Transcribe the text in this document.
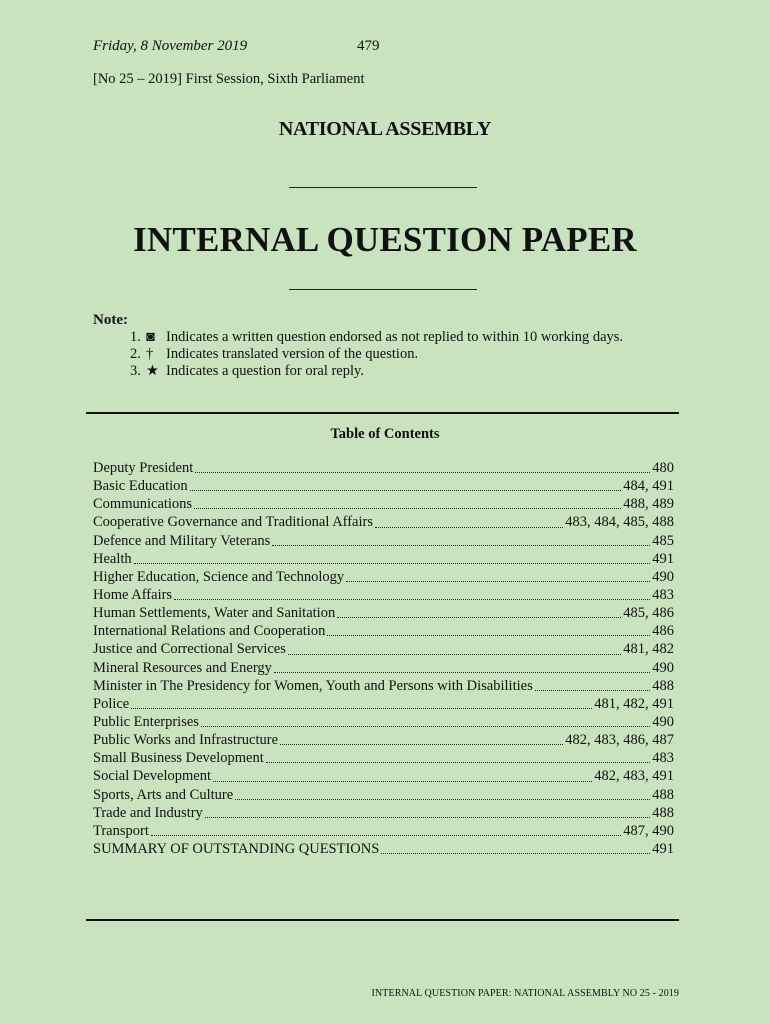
Friday, 8 November 2019	479
[No 25 – 2019] First Session, Sixth Parliament
NATIONAL ASSEMBLY
INTERNAL QUESTION PAPER
Note:
1. ◙ Indicates a written question endorsed as not replied to within 10 working days.
2. † Indicates translated version of the question.
3. ★ Indicates a question for oral reply.
Table of Contents
Deputy President	480
Basic Education	484, 491
Communications	488, 489
Cooperative Governance and Traditional Affairs	483, 484, 485, 488
Defence and Military Veterans	485
Health	491
Higher Education, Science and Technology	490
Home Affairs	483
Human Settlements, Water and Sanitation	485, 486
International Relations and Cooperation	486
Justice and Correctional Services	481, 482
Mineral Resources and Energy	490
Minister in The Presidency for Women, Youth and Persons with Disabilities	488
Police	481, 482, 491
Public Enterprises	490
Public Works and Infrastructure	482, 483, 486, 487
Small Business Development	483
Social Development	482, 483, 491
Sports, Arts and Culture	488
Trade and Industry	488
Transport	487, 490
SUMMARY OF OUTSTANDING QUESTIONS	491
INTERNAL QUESTION PAPER: NATIONAL ASSEMBLY NO 25 - 2019
